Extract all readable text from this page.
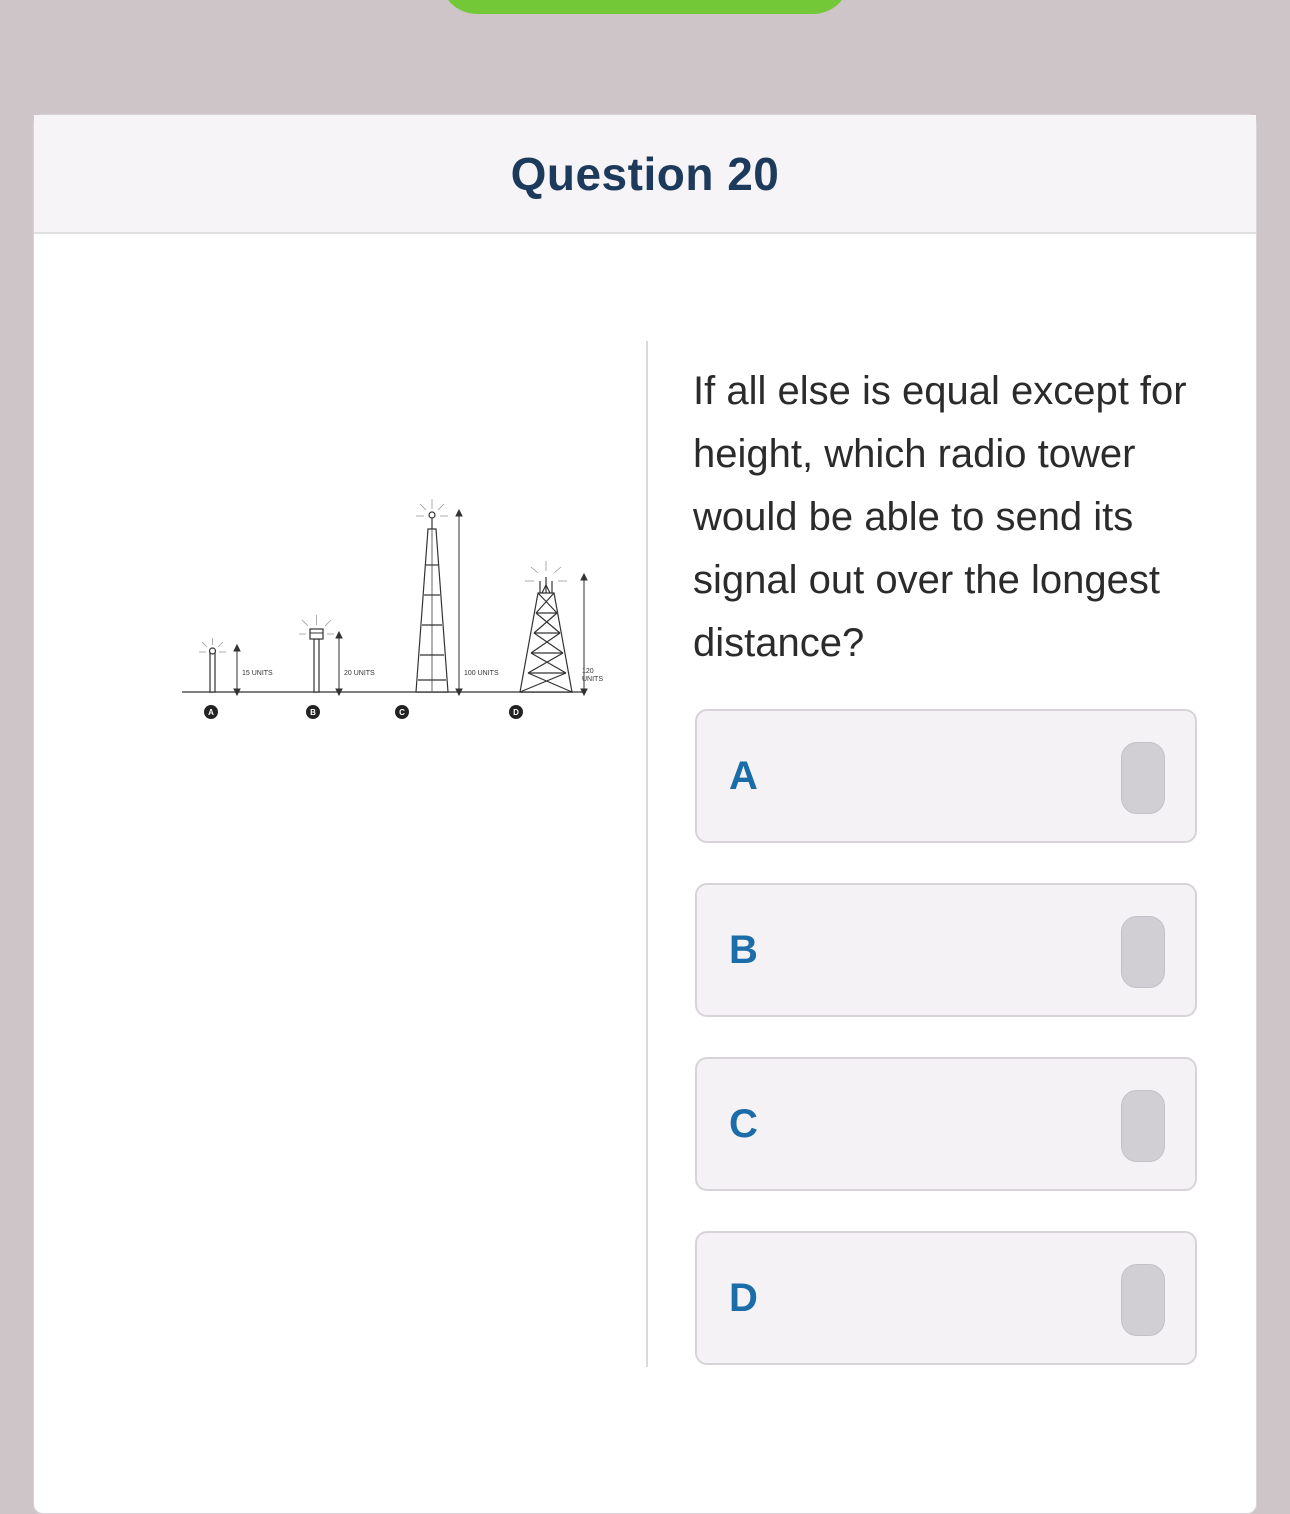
Question 20
15 UNITS	20 UNITS	100 UNITS	120
UNITS
A	B	C	D
If all else is equal except for height, which radio tower would be able to send its signal out over the longest distance?
A
B
C
D
